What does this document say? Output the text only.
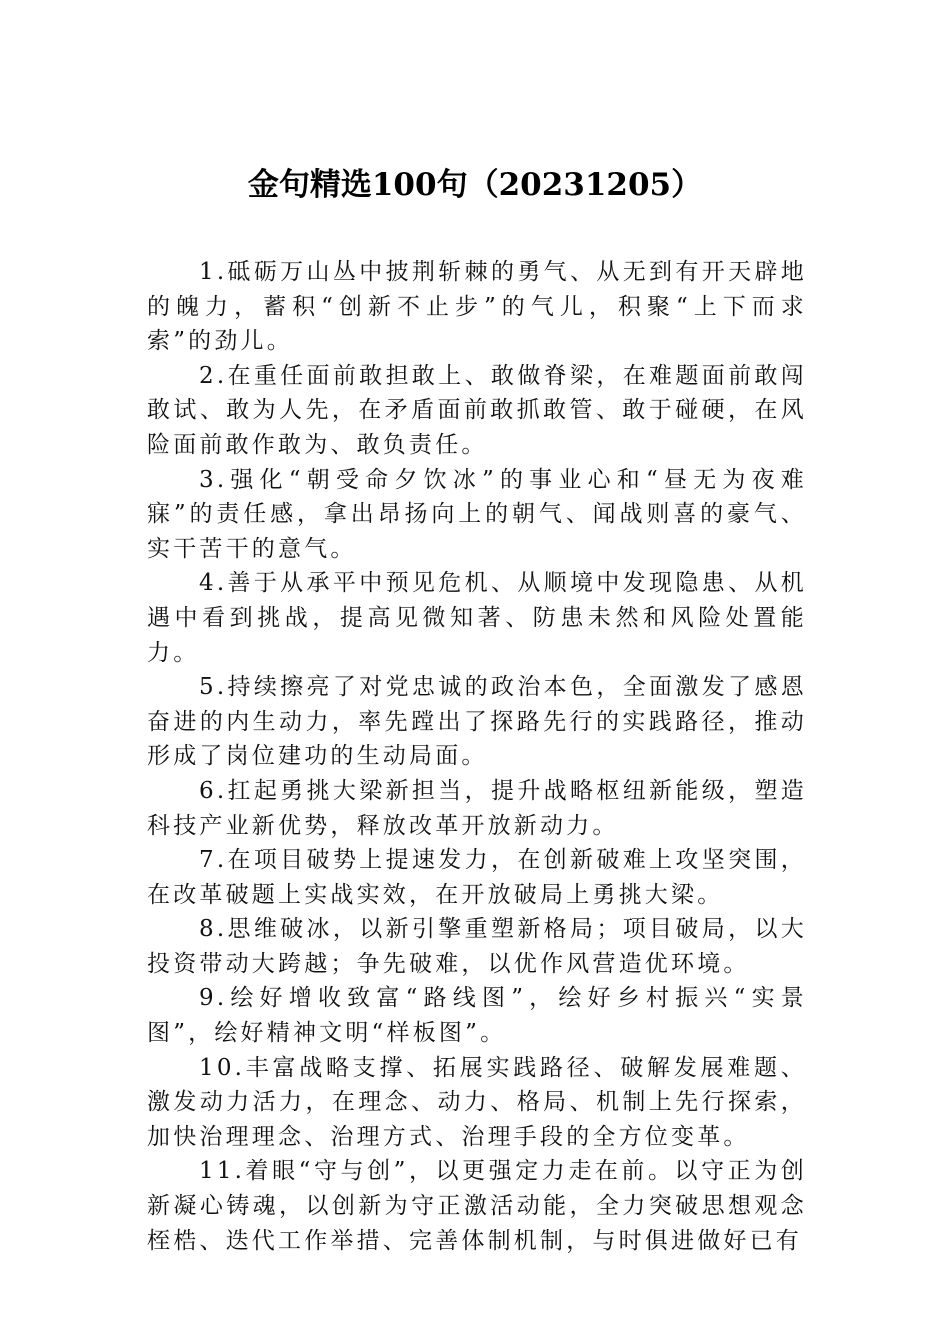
金句精选100句（20231205）

1.砥砺万山丛中披荆斩棘的勇气、从无到有开天辟地的魄力，蓄积“创新不止步”的气儿，积聚“上下而求索”的劲儿。

2.在重任面前敢担敢上、敢做脊梁，在难题面前敢闯敢试、敢为人先，在矛盾面前敢抓敢管、敢于碰硬，在风险面前敢作敢为、敢负责任。

3.强化“朝受命夕饮冰”的事业心和“昼无为夜难寐”的责任感，拿出昂扬向上的朝气、闻战则喜的豪气、实干苦干的意气。

4.善于从承平中预见危机、从顺境中发现隐患、从机遇中看到挑战，提高见微知著、防患未然和风险处置能力。

5.持续擦亮了对党忠诚的政治本色，全面激发了感恩奋进的内生动力，率先蹚出了探路先行的实践路径，推动形成了岗位建功的生动局面。

6.扛起勇挑大梁新担当，提升战略枢纽新能级，塑造科技产业新优势，释放改革开放新动力。

7.在项目破势上提速发力，在创新破难上攻坚突围，在改革破题上实战实效，在开放破局上勇挑大梁。

8.思维破冰，以新引擎重塑新格局；项目破局，以大投资带动大跨越；争先破难，以优作风营造优环境。

9.绘好增收致富“路线图”，绘好乡村振兴“实景图”，绘好精神文明“样板图”。

10.丰富战略支撑、拓展实践路径、破解发展难题、激发动力活力，在理念、动力、格局、机制上先行探索，加快治理理念、治理方式、治理手段的全方位变革。

11.着眼“守与创”，以更强定力走在前。以守正为创新凝心铸魂，以创新为守正激活动能，全力突破思想观念桎梏、迭代工作举措、完善体制机制，与时俱进做好已有
